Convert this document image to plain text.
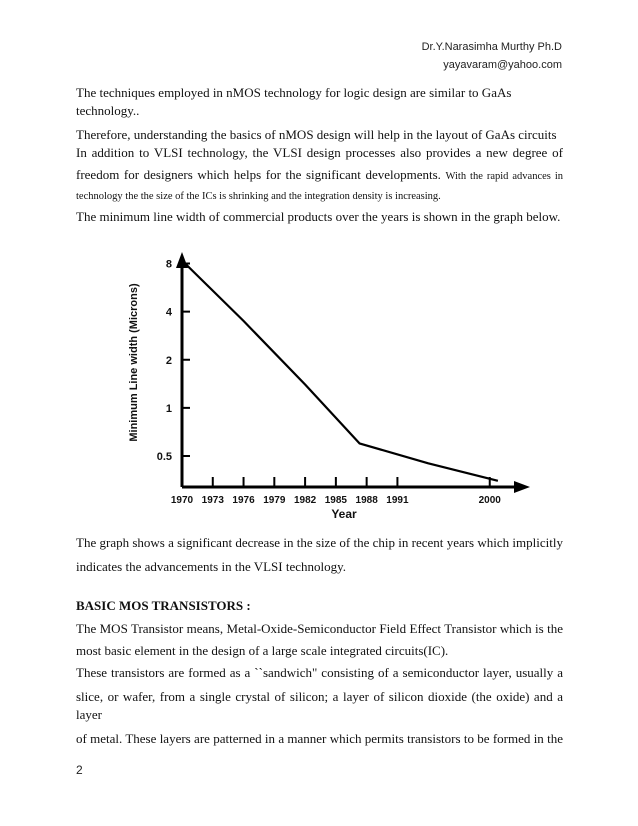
Dr.Y.Narasimha Murthy Ph.D
yayavaram@yahoo.com
The techniques employed in nMOS technology for logic design are similar to GaAs technology..
Therefore, understanding the basics of nMOS design will help in the layout of GaAs circuits
In addition to VLSI technology, the VLSI design processes also provides a new degree of
freedom for designers which helps for the significant developments. With the rapid advances in
technology the the size of the ICs is shrinking and the integration density is increasing.
The minimum line width of commercial products over the years is shown in the graph below.
8
4
2
1
0.5
1970 1973 1976 1979 1982 1985 1988 1991	2000
Year
Minimum Line width (Microns)
The graph shows a significant decrease in the size of the chip in recent years which implicitly
indicates the advancements in the VLSI technology.
BASIC MOS TRANSISTORS :
The MOS Transistor means, Metal-Oxide-Semiconductor Field Effect Transistor which is the
most basic element in the design of a large scale integrated circuits(IC).
These transistors are formed as a ``sandwich" consisting of a semiconductor layer, usually a
slice, or wafer, from a single crystal of silicon; a layer of silicon dioxide (the oxide) and a layer
of metal. These layers are patterned in a manner which permits transistors to be formed in the
2
